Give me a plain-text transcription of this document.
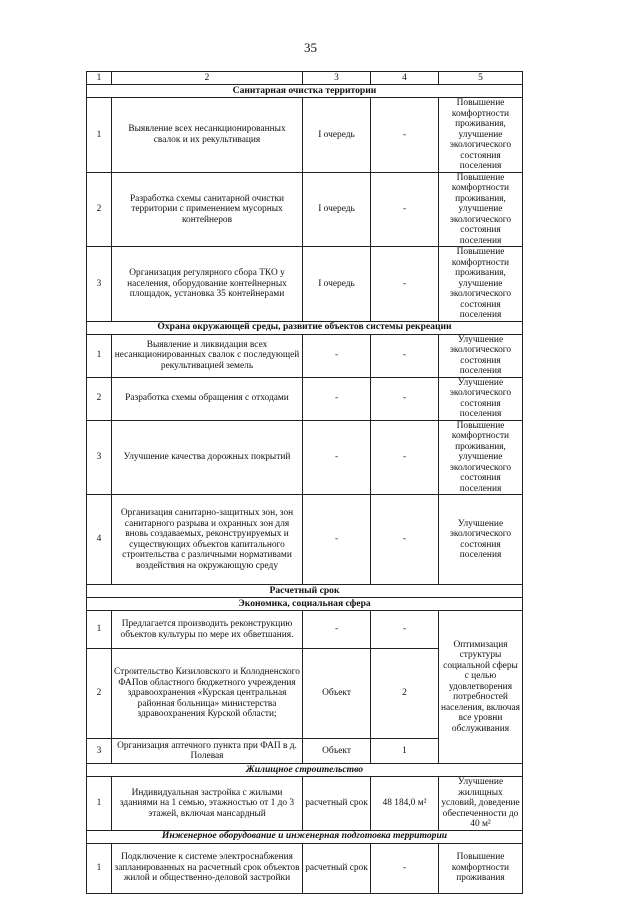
35
1	2	3	4	5
Санитарная очистка территории				
1	Выявление всех несанкционированных свалок и их рекультивация	I очередь	-	Повышение комфортности проживания, улучшение экологического состояния поселения
2	Разработка схемы санитарной очистки территории с применением мусорных контейнеров	I очередь	-	Повышение комфортности проживания, улучшение экологического состояния поселения
3	Организация регулярного сбора ТКО у населения, оборудование контейнерных площадок, установка 35 контейнерами	I очередь	-	Повышение комфортности проживания, улучшение экологического состояния поселения
Охрана окружающей среды, развитие объектов системы рекреации				
1	Выявление и ликвидация всех несанкционированных свалок с последующей рекультивацией земель	-	-	Улучшение экологического состояния поселения
2	Разработка схемы обращения с отходами	-	-	Улучшение экологического состояния поселения
3	Улучшение качества дорожных покрытий	-	-	Повышение комфортности проживания, улучшение экологического состояния поселения
4	Организация санитарно-защитных зон, зон санитарного разрыва и охранных зон для вновь создаваемых, реконструируемых и существующих объектов капитального строительства с различными нормативами воздействия на окружающую среду	-	-	Улучшение экологического состояния поселения
Расчетный срок				
Экономика, социальная сфера				
1	Предлагается производить реконструкцию объектов культуры по мере их обветшания.	-	-	Оптимизация структуры социальной сферы с целью удовлетворения потребностей населения, включая все уровни обслуживания
2	Строительство Кизиловского и Колодненского ФАПов областного бюджетного учреждения здравоохранения «Курская центральная районная больница» министерства здравоохранения Курской области;	Объект	2	
3	Организация аптечного пункта при ФАП в д. Полевая	Объект	1	
Жилищное строительство				
1	Индивидуальная застройка с жилыми зданиями на 1 семью, этажностью от 1 до 3 этажей, включая мансардный	расчетный срок	48 184,0 м²	Улучшение жилищных условий, доведение обеспеченности до 40 м²
Инженерное оборудование и инженерная подготовка территории				
1	Подключение к системе электроснабжения запланированных на расчетный срок объектов жилой и общественно-деловой застройки	расчетный срок	-	Повышение комфортности проживания
